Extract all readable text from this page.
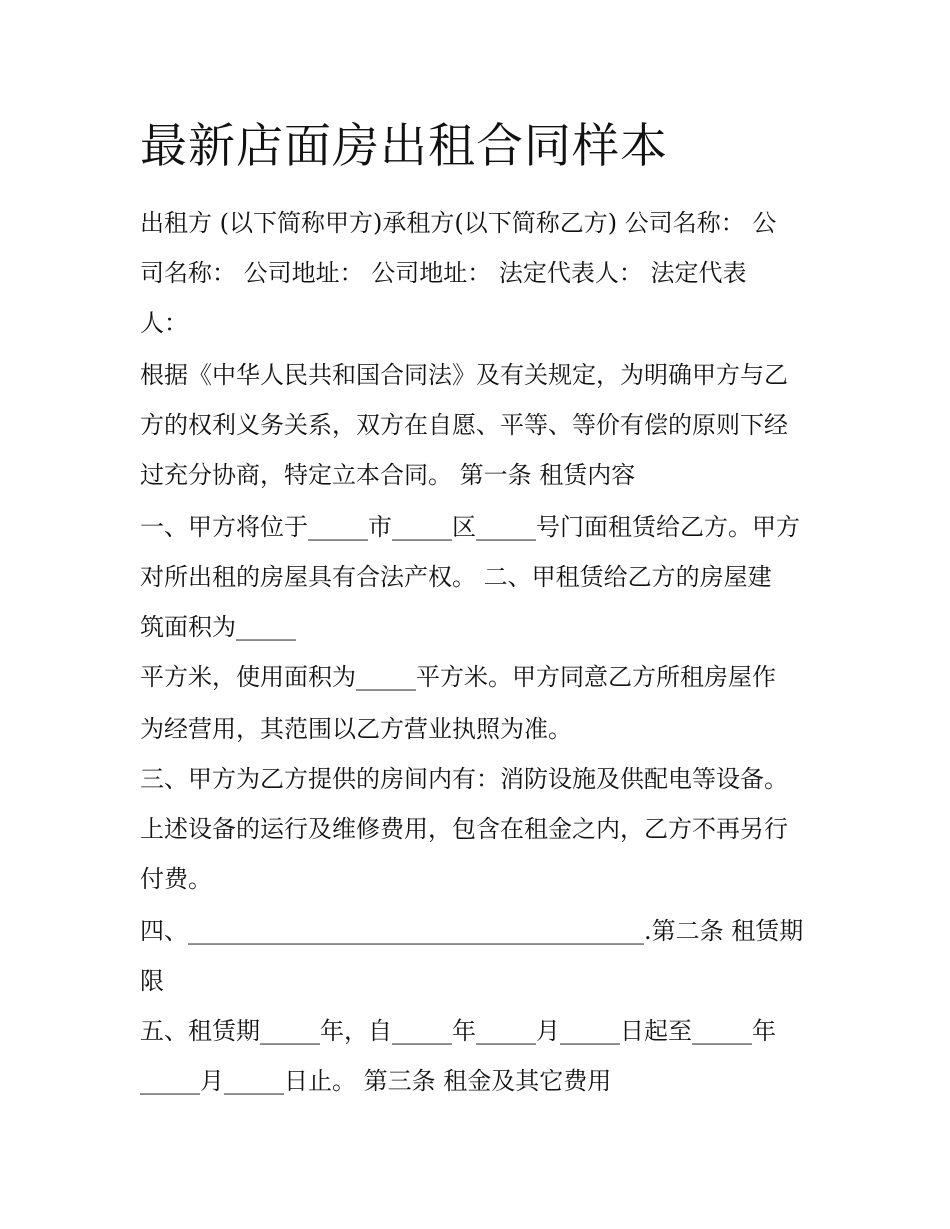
最新店面房出租合同样本
出租方 (以下简称甲方)承租方(以下简称乙方) 公司名称： 公
司名称： 公司地址： 公司地址： 法定代表人： 法定代表
人：
根据《中华人民共和国合同法》及有关规定，为明确甲方与乙
方的权利义务关系，双方在自愿、平等、等价有偿的原则下经
过充分协商，特定立本合同。 第一条 租赁内容
一、甲方将位于_____市_____区_____号门面租赁给乙方。甲方
对所出租的房屋具有合法产权。 二、甲租赁给乙方的房屋建
筑面积为_____
平方米，使用面积为_____平方米。甲方同意乙方所租房屋作
为经营用，其范围以乙方营业执照为准。
三、甲方为乙方提供的房间内有：消防设施及供配电等设备。
上述设备的运行及维修费用，包含在租金之内，乙方不再另行
付费。
四、______________________________________.第二条 租赁期
限
五、租赁期_____年，自_____年_____月_____日起至_____年
_____月_____日止。 第三条 租金及其它费用
